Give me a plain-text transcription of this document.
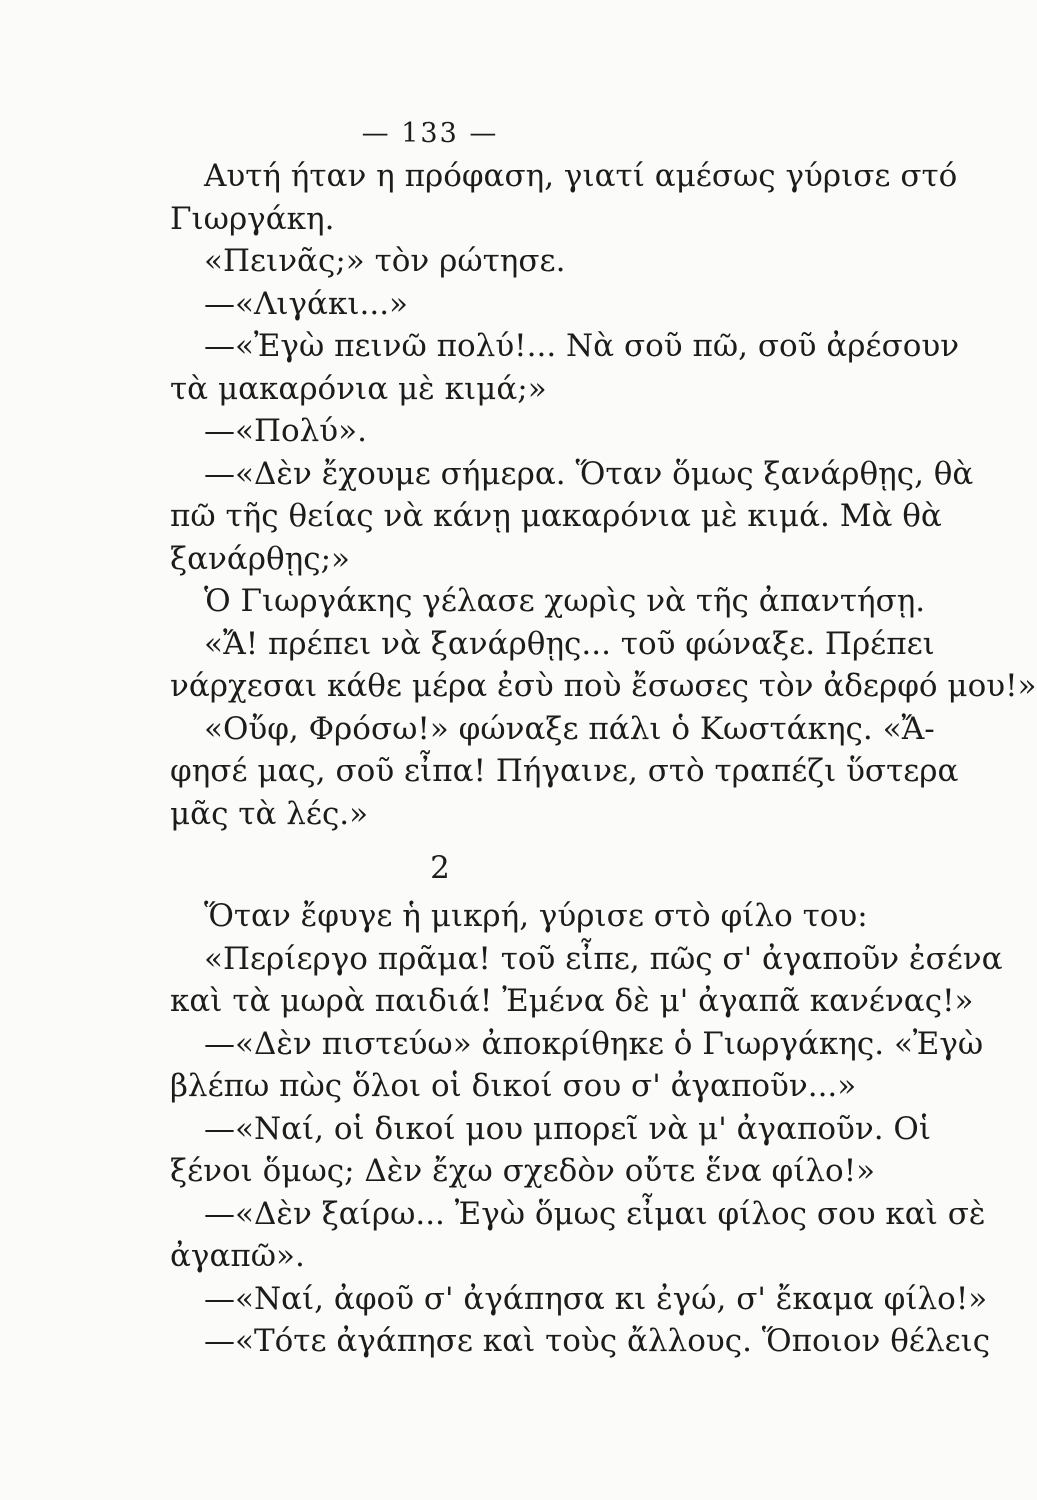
— 133 —
Αυτή ήταν η πρόφαση, γιατί αμέσως γύρισε στό
Γιωργάκη.
«Πεινᾶς;» τὸν ρώτησε.
—«Λιγάκι...»
—«Ἐγὼ πεινῶ πολύ!... Νὰ σοῦ πῶ, σοῦ ἀρέσουν
τὰ μακαρόνια μὲ κιμά;»
—«Πολύ».
—«Δὲν ἔχουμε σήμερα. Ὅταν ὅμως ξανάρθῃς, θὰ
πῶ τῆς θείας νὰ κάνῃ μακαρόνια μὲ κιμά. Μὰ θὰ
ξανάρθῃς;»
Ὁ Γιωργάκης γέλασε χωρὶς νὰ τῆς ἀπαντήσῃ.
«Ἄ! πρέπει νὰ ξανάρθῃς... τοῦ φώναξε. Πρέπει
νάρχεσαι κάθε μέρα ἐσὺ ποὺ ἔσωσες τὸν ἀδερφό μου!»
«Οὔφ, Φρόσω!» φώναξε πάλι ὁ Κωστάκης. «Ἄ-
φησέ μας, σοῦ εἶπα! Πήγαινε, στὸ τραπέζι ὕστερα
μᾶς τὰ λές.»
2
Ὅταν ἔφυγε ἡ μικρή, γύρισε στὸ φίλο του:
«Περίεργο πρᾶμα! τοῦ εἶπε, πῶς σ' ἀγαποῦν ἐσένα
καὶ τὰ μωρὰ παιδιά! Ἐμένα δὲ μ' ἀγαπᾶ κανένας!»
—«Δὲν πιστεύω» ἀποκρίθηκε ὁ Γιωργάκης. «Ἐγὼ
βλέπω πὼς ὅλοι οἱ δικοί σου σ' ἀγαποῦν...»
—«Ναί, οἱ δικοί μου μπορεῖ νὰ μ' ἀγαποῦν. Οἱ
ξένοι ὅμως; Δὲν ἔχω σχεδὸν οὔτε ἕνα φίλο!»
—«Δὲν ξαίρω... Ἐγὼ ὅμως εἶμαι φίλος σου καὶ σὲ
ἀγαπῶ».
—«Ναί, ἀφοῦ σ' ἀγάπησα κι ἐγώ, σ' ἔκαμα φίλο!»
—«Τότε ἀγάπησε καὶ τοὺς ἄλλους. Ὅποιον θέλεις
